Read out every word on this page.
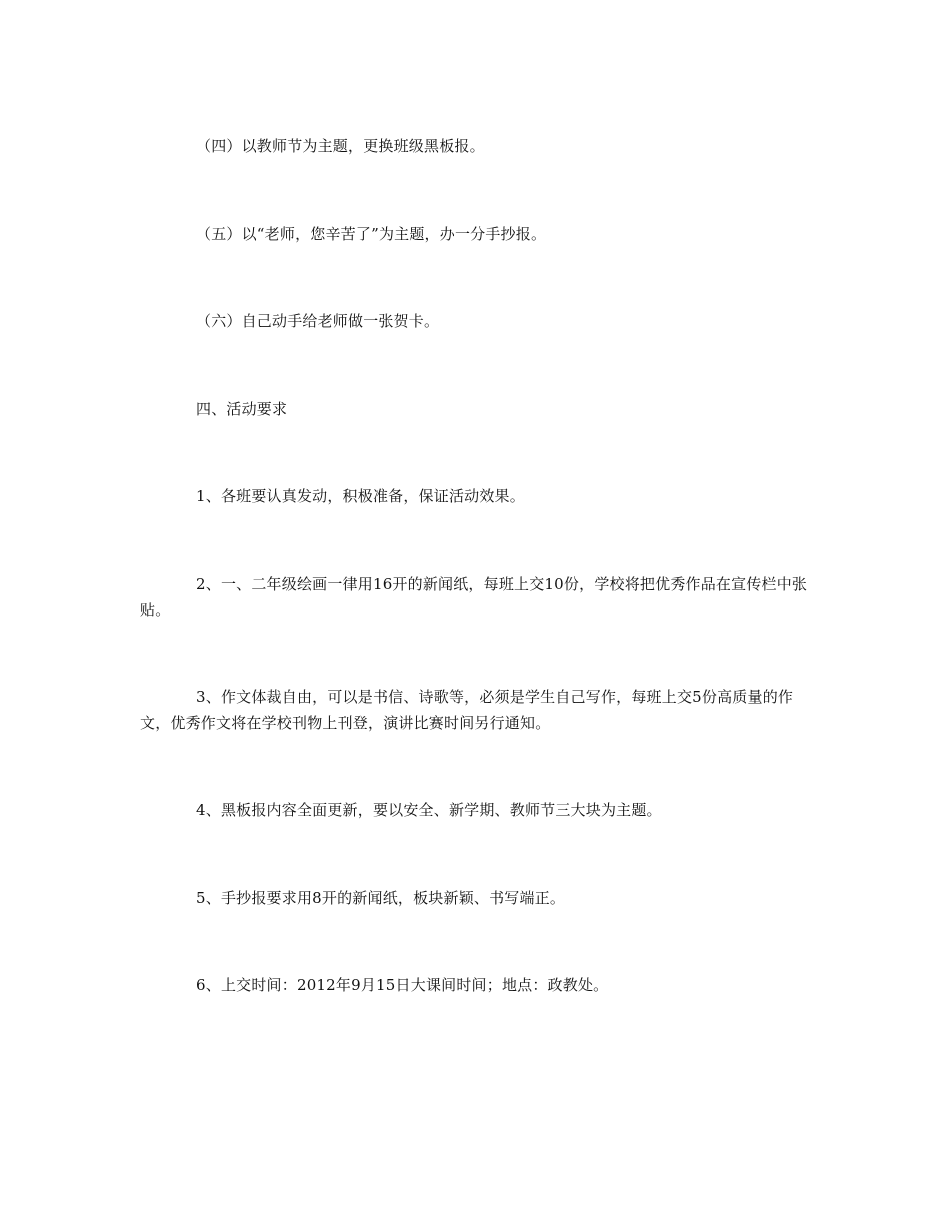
（四）以教师节为主题，更换班级黑板报。

（五）以“老师，您辛苦了”为主题，办一分手抄报。

（六）自己动手给老师做一张贺卡。

四、活动要求

1、各班要认真发动，积极准备，保证活动效果。

2、一、二年级绘画一律用16开的新闻纸，每班上交10份，学校将把优秀作品在宣传栏中张贴。

3、作文体裁自由，可以是书信、诗歌等，必须是学生自己写作，每班上交5份高质量的作文，优秀作文将在学校刊物上刊登，演讲比赛时间另行通知。

4、黑板报内容全面更新，要以安全、新学期、教师节三大块为主题。

5、手抄报要求用8开的新闻纸，板块新颖、书写端正。

6、上交时间：2012年9月15日大课间时间；地点：政教处。
